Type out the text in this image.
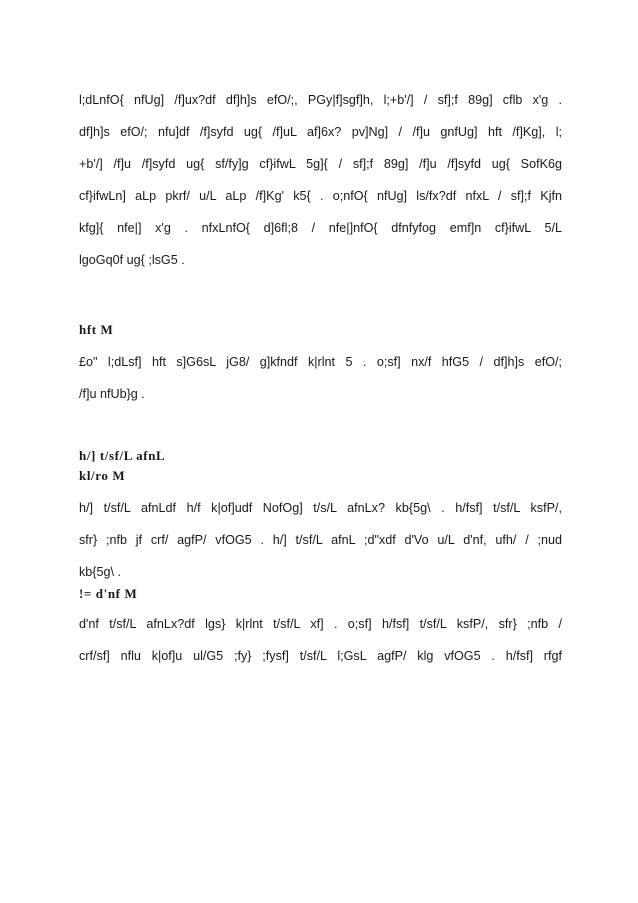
l;dLnfO{ nfUg] /f]ux?df df]h]s efO/;, PGy|f]sgf]h, l;+b'/] / sf];f 89g] cflb x'g .
df]h]s efO/; nfu]df /f]syfd ug{ /f]uL af]6x? pv]Ng] / /f]u gnfUg] hft /f]Kg], l;
+b'/] /f]u /f]syfd ug{ sf/fy]g cf}ifwL 5g]{ / sf];f 89g] /f]u /f]syfd ug{ SofK6g
cf}ifwLn] aLp pkrf/ u/L aLp /f]Kg' k5{ . o;nfO{ nfUg] ls/fx?df nfxL / sf];f Kjfn
kfg]{ nfe|] x'g . nfxLnfO{ d]6fl;8 / nfe|]nfO{ dfnfyfog emf]n cf}ifwL 5/L
lgoGq0f ug{ ;lsG5 .
hft M
£o" l;dLsf] hft s]G6sL jG8/ g]kfndf k|rlnt 5 . o;sf] nx/f hfG5 / df]h]s efO/;
/f]u nfUb}g .
h/] t/sf/L afnL
kl/ro M
h/] t/sf/L afnLdf h/f k|of]udf NofOg] t/s/L afnLx? kb{5g\ . h/fsf] t/sf/L ksfP/,
sfr} ;nfb jf crf/ agfP/ vfOG5 . h/] t/sf/L afnL ;d"xdf d'Vo u/L d'nf, ufh/ / ;nud
kb{5g\ .
!= d'nf M
d'nf t/sf/L afnLx?df lgs} k|rlnt t/sf/L xf] . o;sf] h/fsf] t/sf/L ksfP/, sfr} ;nfb /
crf/sf] nflu k|of]u ul/G5 ;fy} ;fysf] t/sf/L l;GsL agfP/ klg vfOG5 . h/fsf] rfgf
